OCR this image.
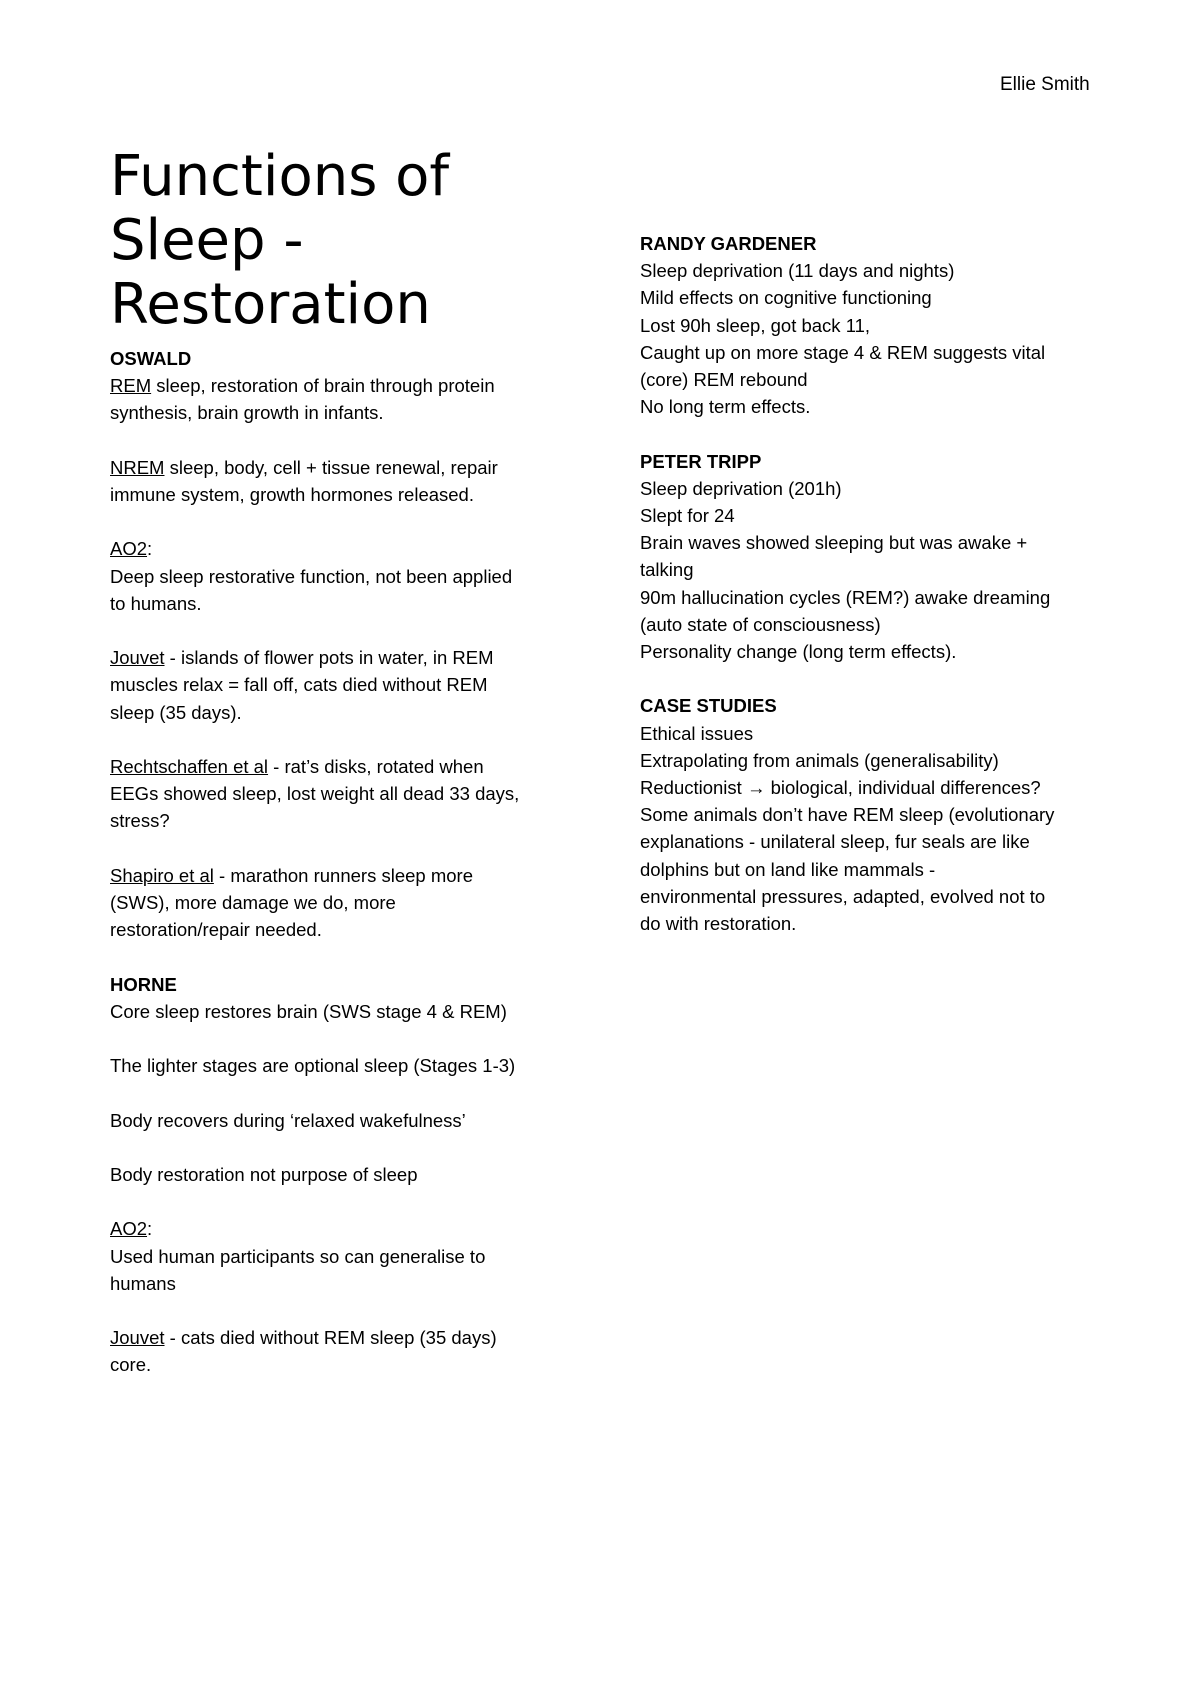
Ellie Smith
Functions of
Sleep -
Restoration
OSWALD
REM sleep, restoration of brain through protein
synthesis, brain growth in infants.
NREM sleep, body, cell + tissue renewal, repair
immune system, growth hormones released.
AO2:
Deep sleep restorative function, not been applied
to humans.
Jouvet - islands of flower pots in water, in REM
muscles relax = fall off, cats died without REM
sleep (35 days).
Rechtschaffen et al - rat’s disks, rotated when
EEGs showed sleep, lost weight all dead 33 days,
stress?
Shapiro et al - marathon runners sleep more
(SWS), more damage we do, more
restoration/repair needed.
HORNE
Core sleep restores brain (SWS stage 4 & REM)
The lighter stages are optional sleep (Stages 1-3)
Body recovers during ‘relaxed wakefulness’
Body restoration not purpose of sleep
AO2:
Used human participants so can generalise to
humans
Jouvet - cats died without REM sleep (35 days)
core.
RANDY GARDENER
Sleep deprivation (11 days and nights)
Mild effects on cognitive functioning
Lost 90h sleep, got back 11,
Caught up on more stage 4 & REM suggests vital
(core) REM rebound
No long term effects.
PETER TRIPP
Sleep deprivation (201h)
Slept for 24
Brain waves showed sleeping but was awake +
talking
90m hallucination cycles (REM?) awake dreaming
(auto state of consciousness)
Personality change (long term effects).
CASE STUDIES
Ethical issues
Extrapolating from animals (generalisability)
Reductionist → biological, individual differences?
Some animals don’t have REM sleep (evolutionary
explanations - unilateral sleep, fur seals are like
dolphins but on land like mammals -
environmental pressures, adapted, evolved not to
do with restoration.
